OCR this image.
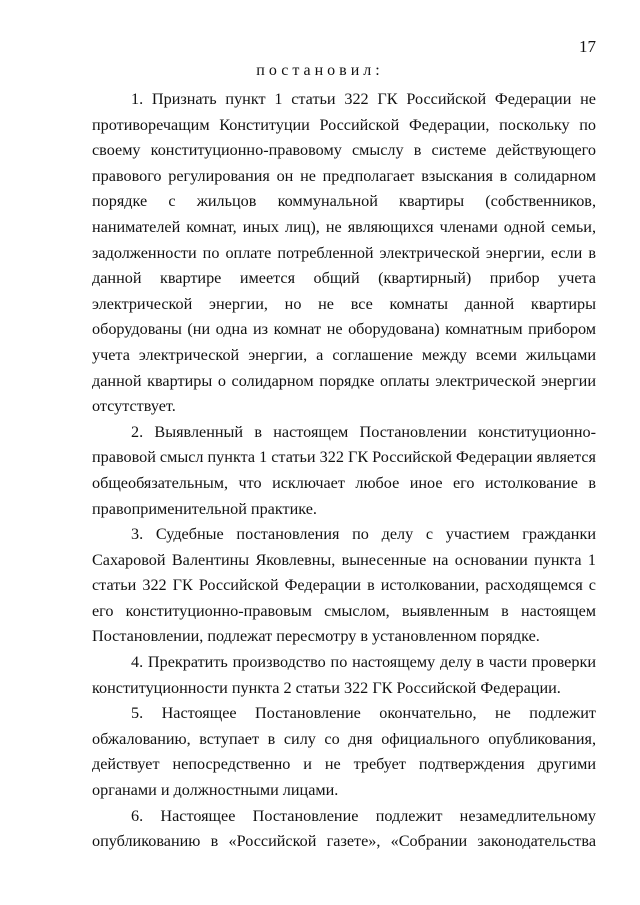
17
постановил:

1. Признать пункт 1 статьи 322 ГК Российской Федерации не противоречащим Конституции Российской Федерации, поскольку по своему конституционно-правовому смыслу в системе действующего правового регулирования он не предполагает взыскания в солидарном порядке с жильцов коммунальной квартиры (собственников, нанимателей комнат, иных лиц), не являющихся членами одной семьи, задолженности по оплате потребленной электрической энергии, если в данной квартире имеется общий (квартирный) прибор учета электрической энергии, но не все комнаты данной квартиры оборудованы (ни одна из комнат не оборудована) комнатным прибором учета электрической энергии, а соглашение между всеми жильцами данной квартиры о солидарном порядке оплаты электрической энергии отсутствует.

2. Выявленный в настоящем Постановлении конституционно-правовой смысл пункта 1 статьи 322 ГК Российской Федерации является общеобязательным, что исключает любое иное его истолкование в правоприменительной практике.

3. Судебные постановления по делу с участием гражданки Сахаровой Валентины Яковлевны, вынесенные на основании пункта 1 статьи 322 ГК Российской Федерации в истолковании, расходящемся с его конституционно-правовым смыслом, выявленным в настоящем Постановлении, подлежат пересмотру в установленном порядке.

4. Прекратить производство по настоящему делу в части проверки конституционности пункта 2 статьи 322 ГК Российской Федерации.

5. Настоящее Постановление окончательно, не подлежит обжалованию, вступает в силу со дня официального опубликования, действует непосредственно и не требует подтверждения другими органами и должностными лицами.

6. Настоящее Постановление подлежит незамедлительному опубликованию в «Российской газете», «Собрании законодательства
